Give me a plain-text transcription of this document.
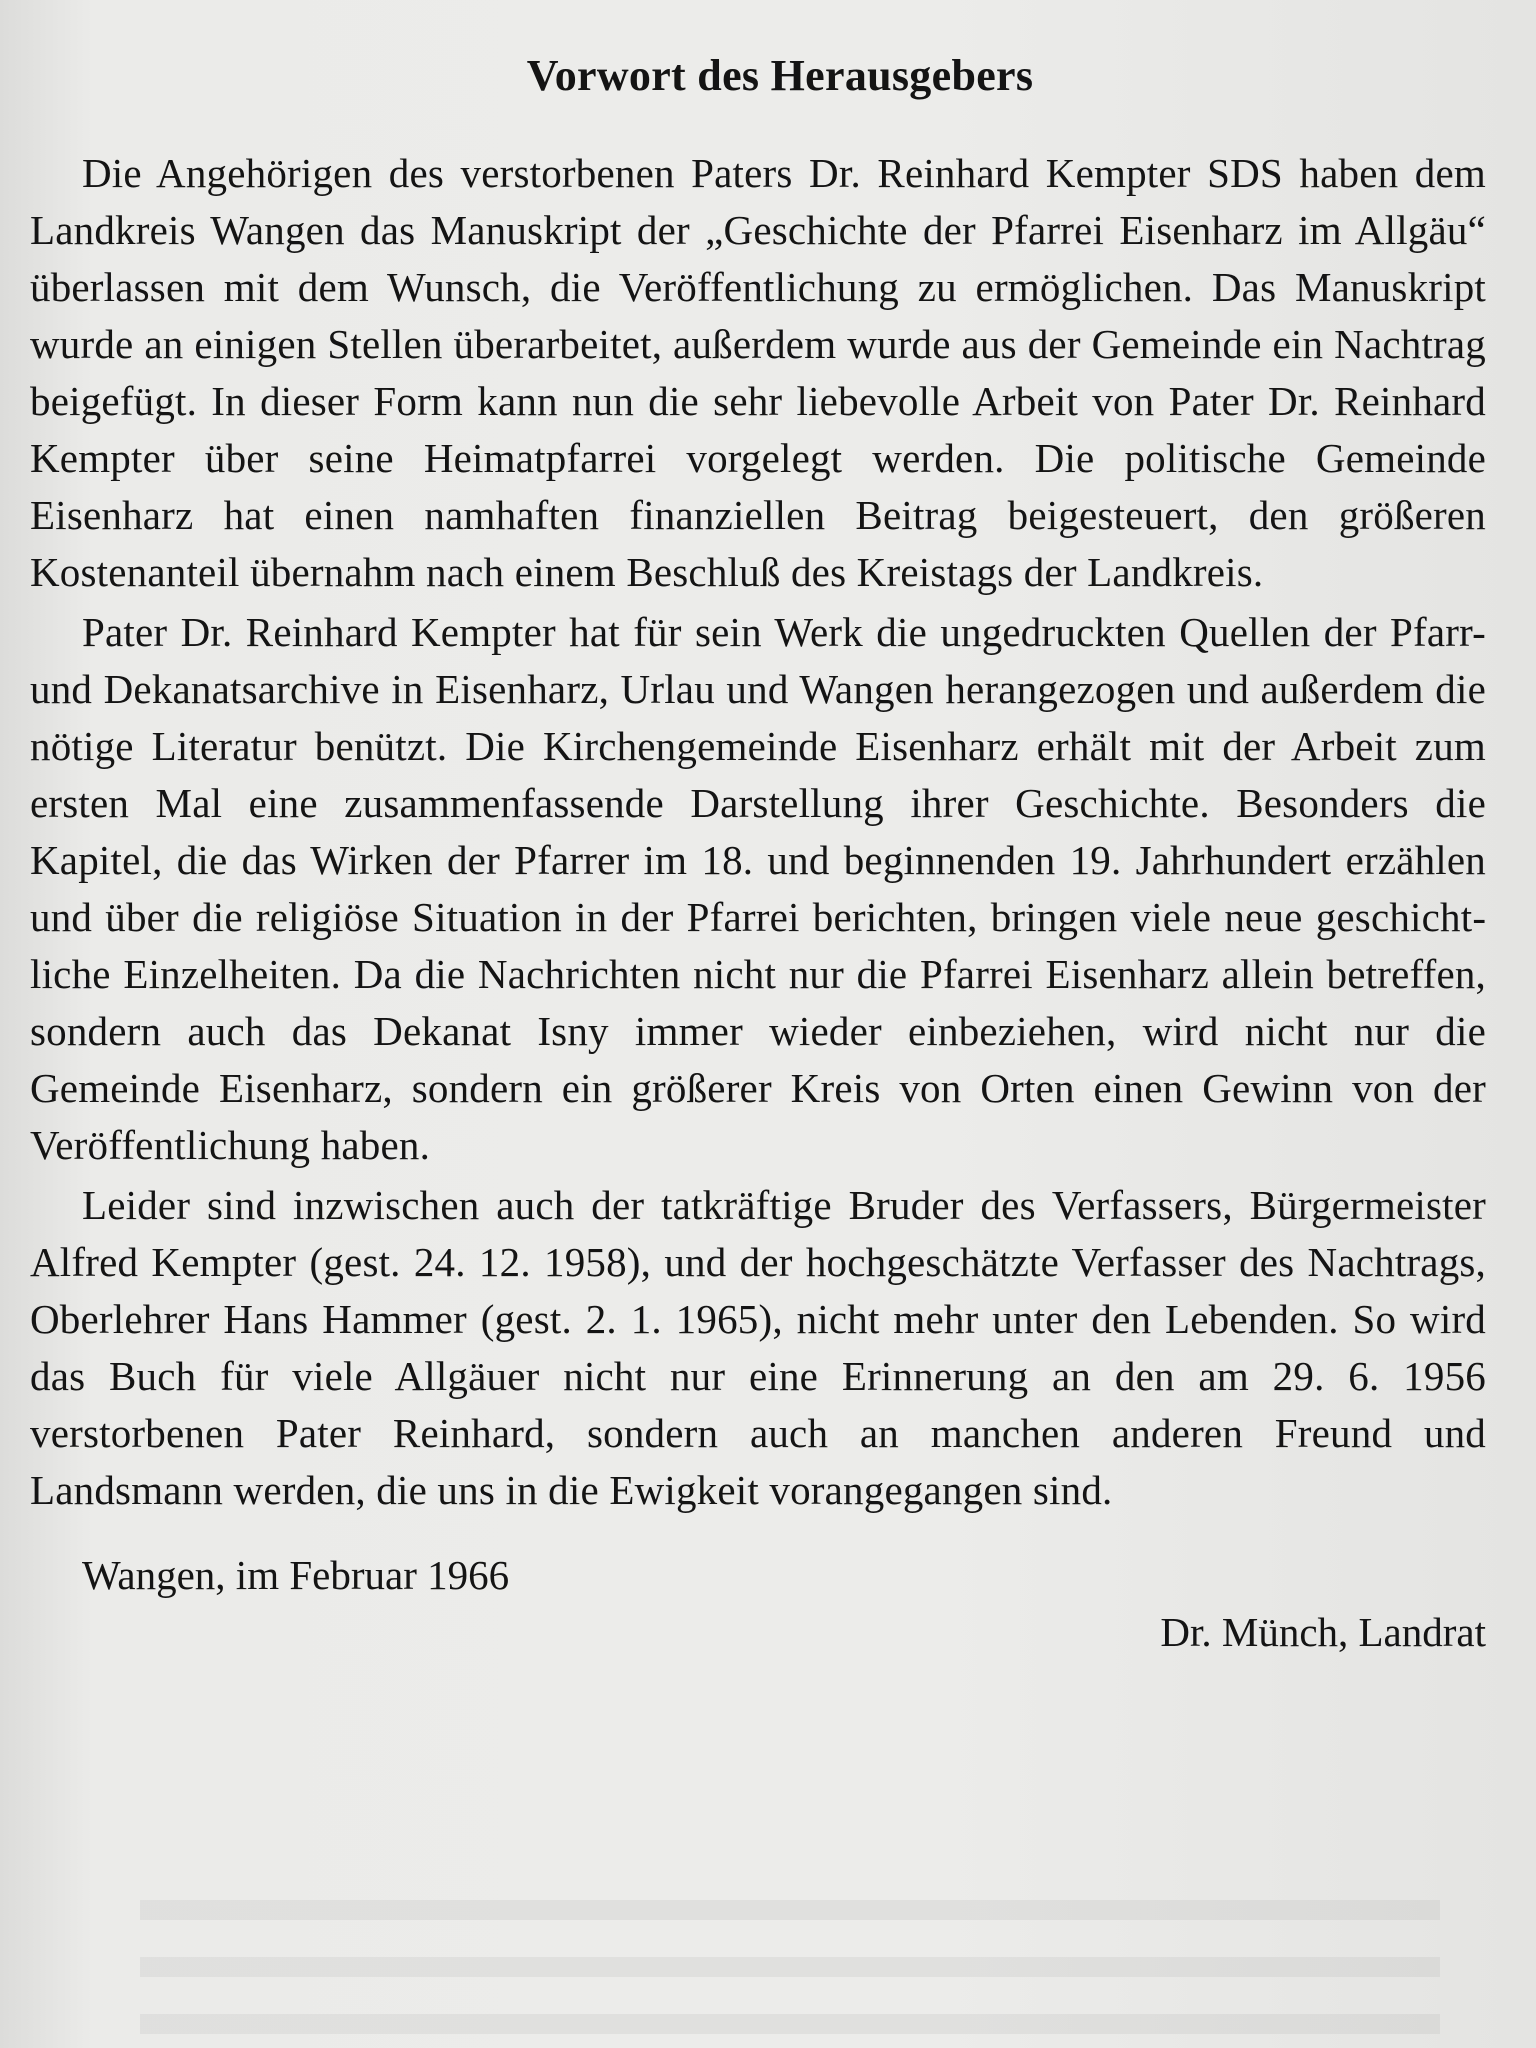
Vorwort des Herausgebers

Die Angehörigen des verstorbenen Paters Dr. Reinhard Kempter SDS haben dem Landkreis Wangen das Manuskript der „Geschichte der Pfarrei Eisenharz im Allgäu“ überlassen mit dem Wunsch, die Veröffentlichung zu ermöglichen. Das Manuskript wurde an einigen Stellen überarbeitet, außerdem wurde aus der Gemeinde ein Nachtrag beigefügt. In dieser Form kann nun die sehr liebevolle Arbeit von Pater Dr. Reinhard Kempter über seine Heimatpfarrei vorgelegt werden. Die politische Gemeinde Eisenharz hat einen namhaften finanziellen Beitrag beigesteuert, den größeren Kostenanteil übernahm nach einem Beschluß des Kreistags der Landkreis.

Pater Dr. Reinhard Kempter hat für sein Werk die ungedruckten Quellen der Pfarr- und Dekanatsarchive in Eisenharz, Urlau und Wangen herangezogen und außerdem die nötige Literatur benützt. Die Kirchengemeinde Eisenharz erhält mit der Arbeit zum ersten Mal eine zusammenfassende Darstellung ihrer Geschichte. Besonders die Kapitel, die das Wirken der Pfarrer im 18. und beginnenden 19. Jahrhundert erzählen und über die religiöse Situation in der Pfarrei berichten, bringen viele neue geschichtliche Einzelheiten. Da die Nachrichten nicht nur die Pfarrei Eisenharz allein betreffen, sondern auch das Dekanat Isny immer wieder einbeziehen, wird nicht nur die Gemeinde Eisenharz, sondern ein größerer Kreis von Orten einen Gewinn von der Veröffentlichung haben.

Leider sind inzwischen auch der tatkräftige Bruder des Verfassers, Bürgermeister Alfred Kempter (gest. 24. 12. 1958), und der hochgeschätzte Verfasser des Nachtrags, Oberlehrer Hans Hammer (gest. 2. 1. 1965), nicht mehr unter den Lebenden. So wird das Buch für viele Allgäuer nicht nur eine Erinnerung an den am 29. 6. 1956 verstorbenen Pater Reinhard, sondern auch an manchen anderen Freund und Landsmann werden, die uns in die Ewigkeit vorangegangen sind.

Wangen, im Februar 1966
Dr. Münch, Landrat
